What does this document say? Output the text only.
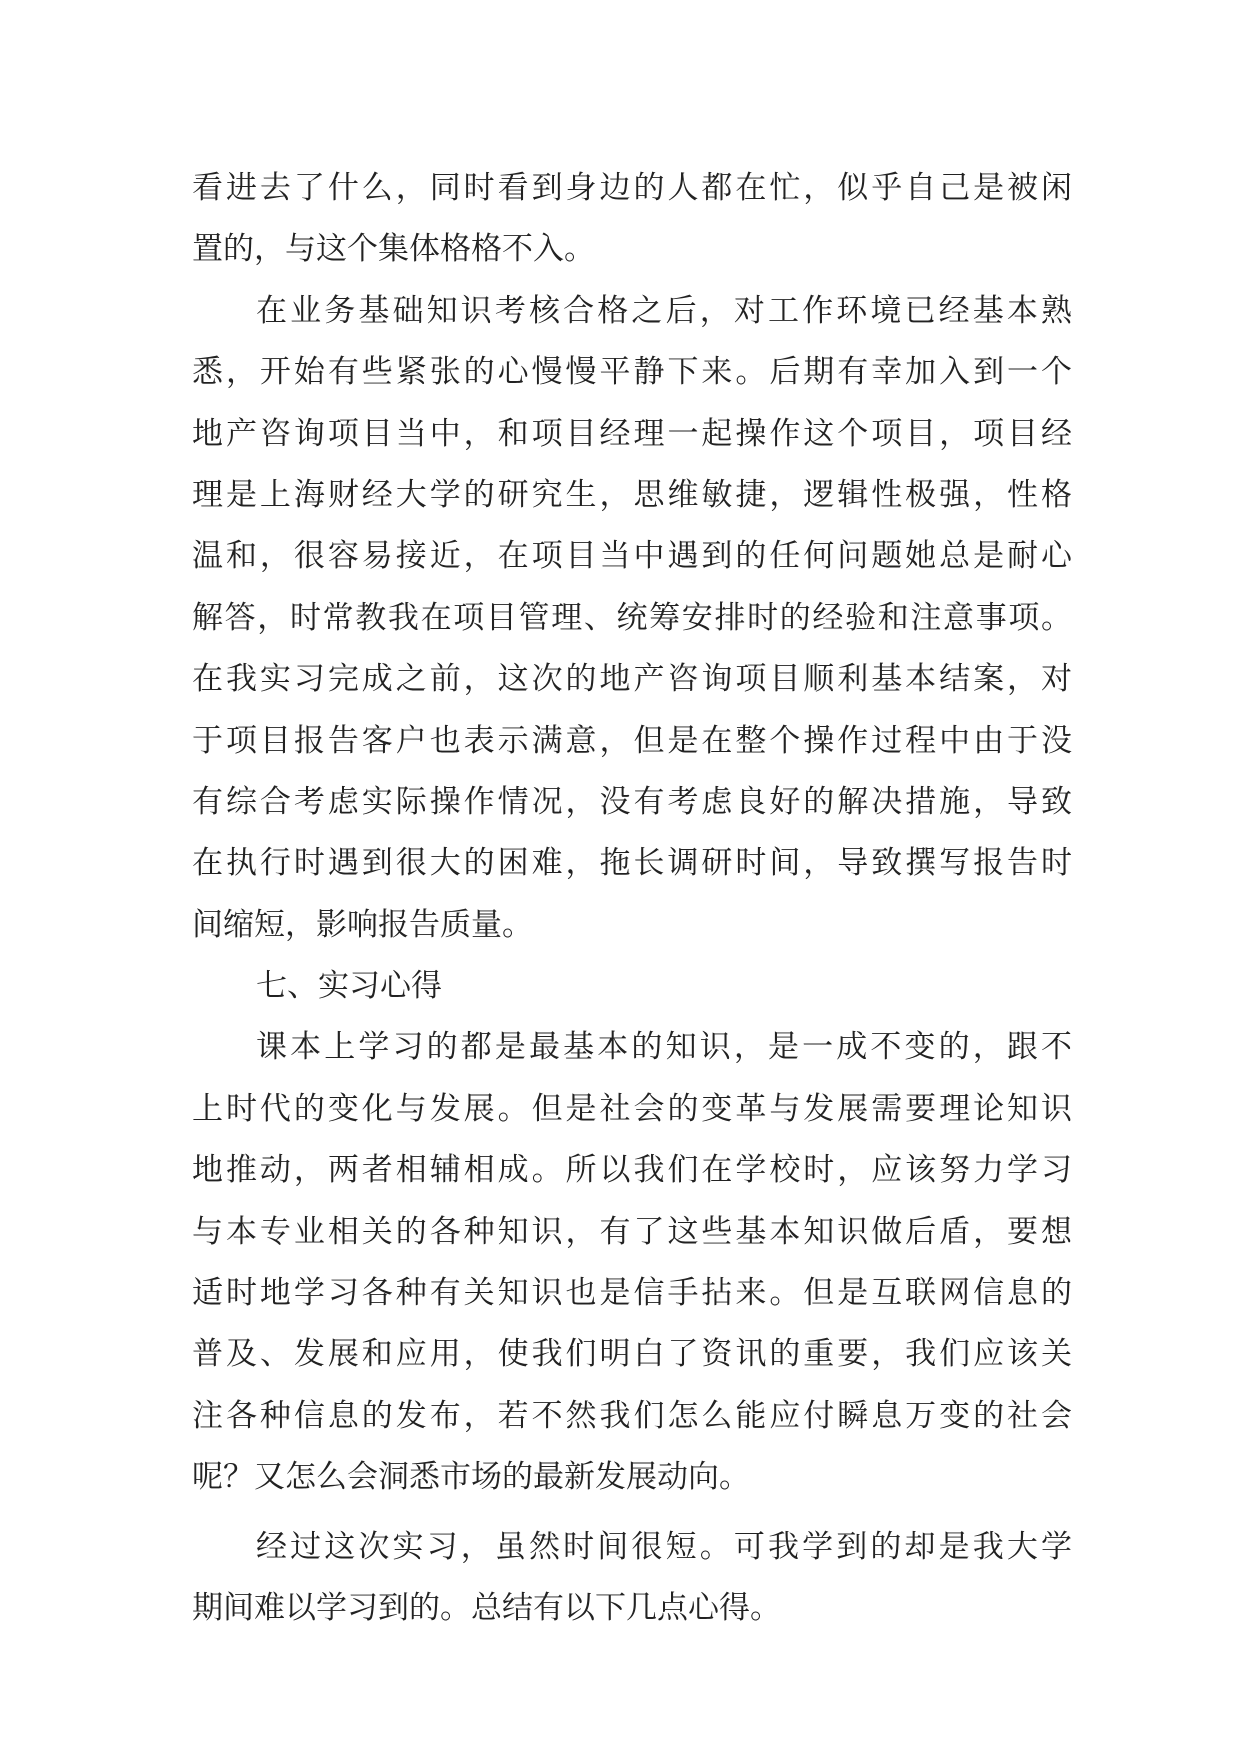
看进去了什么，同时看到身边的人都在忙，似乎自己是被闲
置的，与这个集体格格不入。
在业务基础知识考核合格之后，对工作环境已经基本熟
悉，开始有些紧张的心慢慢平静下来。后期有幸加入到一个
地产咨询项目当中，和项目经理一起操作这个项目，项目经
理是上海财经大学的研究生，思维敏捷，逻辑性极强，性格
温和，很容易接近，在项目当中遇到的任何问题她总是耐心
解答，时常教我在项目管理、统筹安排时的经验和注意事项。
在我实习完成之前，这次的地产咨询项目顺利基本结案，对
于项目报告客户也表示满意，但是在整个操作过程中由于没
有综合考虑实际操作情况，没有考虑良好的解决措施，导致
在执行时遇到很大的困难，拖长调研时间，导致撰写报告时
间缩短，影响报告质量。
七、实习心得
课本上学习的都是最基本的知识，是一成不变的，跟不
上时代的变化与发展。但是社会的变革与发展需要理论知识
地推动，两者相辅相成。所以我们在学校时，应该努力学习
与本专业相关的各种知识，有了这些基本知识做后盾，要想
适时地学习各种有关知识也是信手拈来。但是互联网信息的
普及、发展和应用，使我们明白了资讯的重要，我们应该关
注各种信息的发布，若不然我们怎么能应付瞬息万变的社会
呢？又怎么会洞悉市场的最新发展动向。
经过这次实习，虽然时间很短。可我学到的却是我大学
期间难以学习到的。总结有以下几点心得。
